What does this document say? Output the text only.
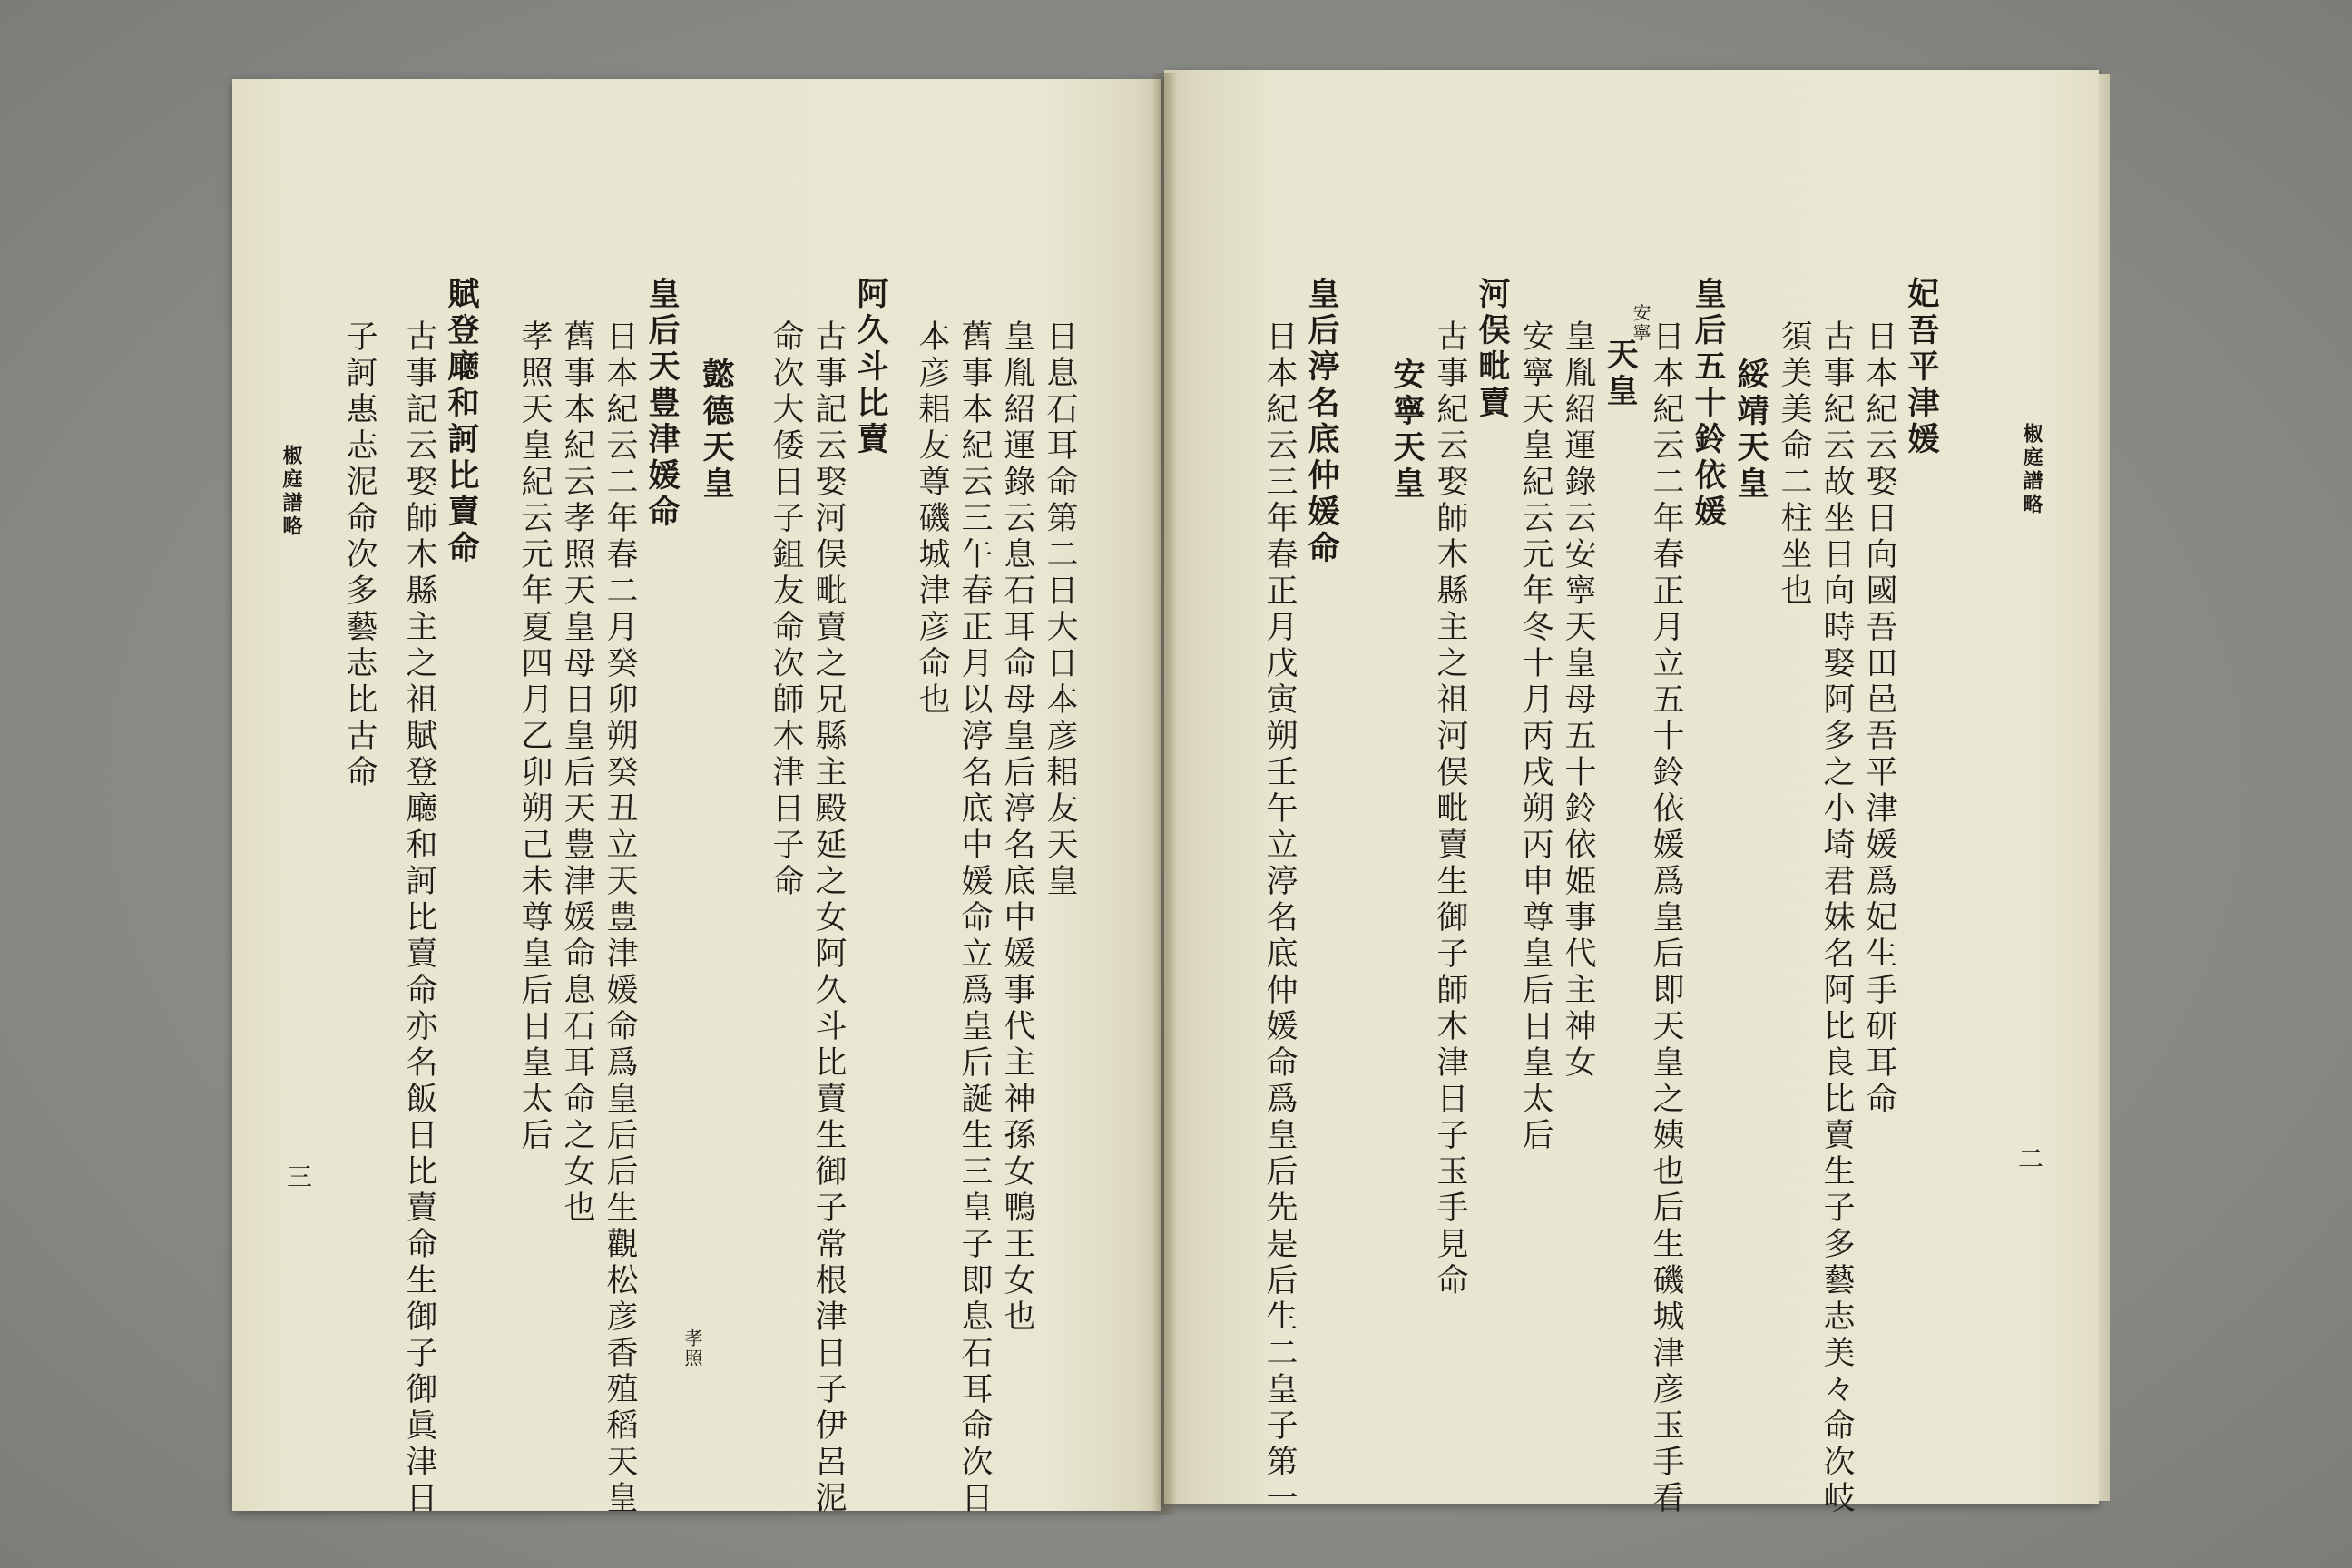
椒庭譜略
妃吾平津媛
日本紀云娶日向國吾田邑吾平津媛爲妃生手研耳命
古事紀云故坐日向時娶阿多之小埼君妹名阿比良比賣生子多藝志美々命次岐
須美美命二柱坐也
綏靖天皇
皇后五十鈴依媛
日本紀云二年春正月立五十鈴依媛爲皇后即天皇之姨也后生磯城津彦玉手看
安寧
天皇
皇胤紹運錄云安寧天皇母五十鈴依姫事代主神女
安寧天皇紀云元年冬十月丙戌朔丙申尊皇后日皇太后
河俣毗賣
古事紀云娶師木縣主之祖河俣毗賣生御子師木津日子玉手見命
安寧天皇
皇后渟名底仲媛命
日本紀云三年春正月戊寅朔壬午立渟名底仲媛命爲皇后先是后生二皇子第一	二
日息石耳命第二日大日本彦耜友天皇
皇胤紹運錄云息石耳命母皇后渟名底中媛事代主神孫女鴨王女也
舊事本紀云三午春正月以渟名底中媛命立爲皇后誕生三皇子即息石耳命次日
本彦耜友尊磯城津彦命也
阿久斗比賣
古事記云娶河俣毗賣之兄縣主殿延之女阿久斗比賣生御子常根津日子伊呂泥
命次大倭日子鉏友命次師木津日子命
懿德天皇
皇后天豊津媛命
日本紀云二年春二月癸卯朔癸丑立天豊津媛命爲皇后后生觀松彦香殖稻天皇	孝照
舊事本紀云孝照天皇母日皇后天豊津媛命息石耳命之女也
孝照天皇紀云元年夏四月乙卯朔己未尊皇后日皇太后
賦登廰和訶比賣命
古事記云娶師木縣主之祖賦登廰和訶比賣命亦名飯日比賣命生御子御眞津日
子訶惠志泥命次多藝志比古命
椒庭譜略
三
